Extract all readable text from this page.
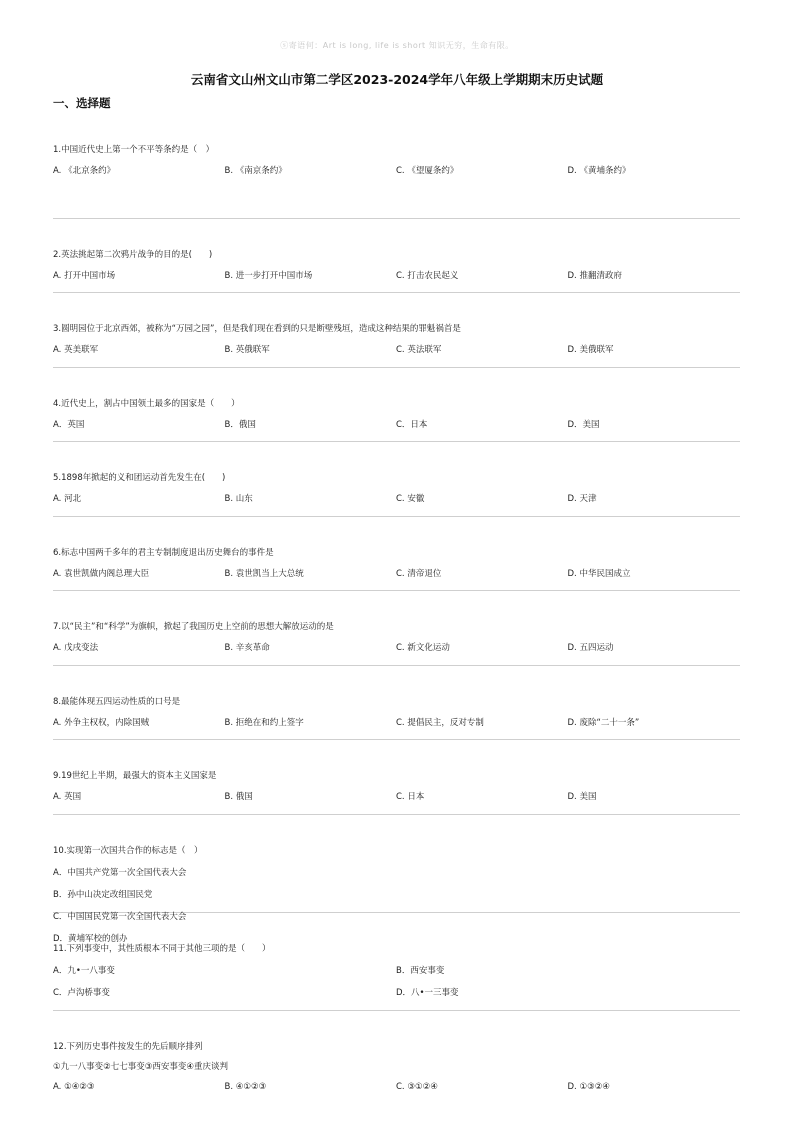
ⓢ寄语何：Art is long, life is short 知识无穷，生命有限。
云南省文山州文山市第二学区2023-2024学年八年级上学期期末历史试题
一、选择题
1.中国近代史上第一个不平等条约是（　）
A. 《北京条约》	B. 《南京条约》	C. 《望厦条约》	D. 《黄埔条约》
2.英法挑起第二次鸦片战争的目的是(　　)
A. 打开中国市场	B. 进一步打开中国市场	C. 打击农民起义	D. 推翻清政府
3.圆明园位于北京西郊，被称为“万园之园”，但是我们现在看到的只是断壁残垣，造成这种结果的罪魁祸首是
A. 英美联军	B. 英俄联军	C. 英法联军	D. 美俄联军
4.近代史上，割占中国领土最多的国家是（　　）
A．英国	B．俄国	C．日本	D．美国
5.1898年掀起的义和团运动首先发生在(　　)
A. 河北	B. 山东	C. 安徽	D. 天津
6.标志中国两千多年的君主专制制度退出历史舞台的事件是
A. 袁世凯做内阁总理大臣	B. 袁世凯当上大总统	C. 清帝退位	D. 中华民国成立
7.以“民主”和“科学”为旗帜，掀起了我国历史上空前的思想大解放运动的是
A. 戊戌变法	B. 辛亥革命	C. 新文化运动	D. 五四运动
8.最能体现五四运动性质的口号是
A. 外争主权权，内除国贼	B. 拒绝在和约上签字	C. 提倡民主，反对专制	D. 废除“二十一条”
9.19世纪上半期，最强大的资本主义国家是
A. 英国	B. 俄国	C. 日本	D. 美国
10.实现第一次国共合作的标志是（　）
A．中国共产党第一次全国代表大会
B．孙中山决定改组国民党
C．中国国民党第一次全国代表大会
D．黄埔军校的创办
11.下列事变中，其性质根本不同于其他三项的是（　　）
A．九•一八事变	B．西安事变
C．卢沟桥事变	D．八•一三事变
12.下列历史事件按发生的先后顺序排列
①九一八事变②七七事变③西安事变④重庆谈判
A. ①④②③	B. ④①②③	C. ③①②④	D. ①③②④
